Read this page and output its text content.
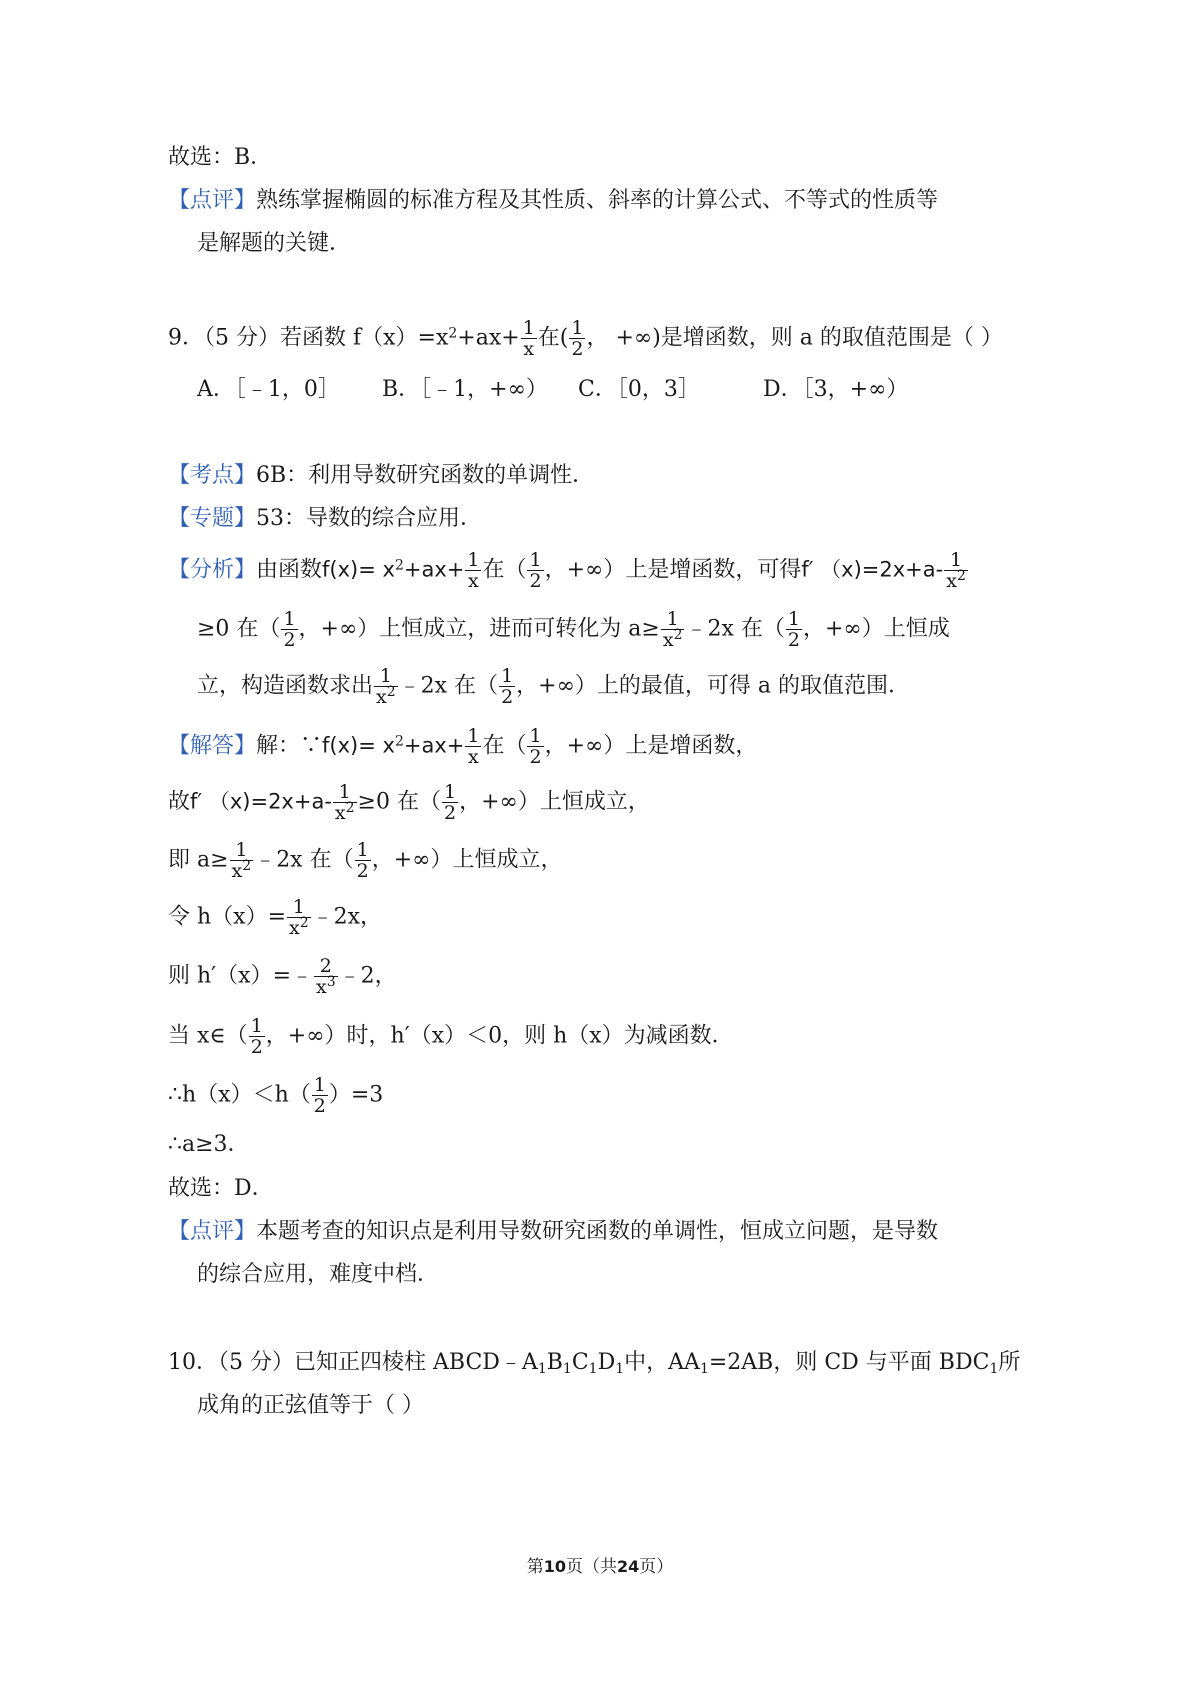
故选：B．
【点评】熟练掌握椭圆的标准方程及其性质、斜率的计算公式、不等式的性质等
是解题的关键．
9．（5 分）若函数 $f(x)=x^2+ax+ \frac{1}{x}$ 在( $\frac{1}{2}$ ， +∞)是增函数，则 a 的取值范围是（ ）
A．［﹣1，0］ B．［﹣1，+∞） C．［0，3］	D．［3，+∞）
【考点】6B：利用导数研究函数的单调性．
【专题】53：导数的综合应用．
【分析】由函数$f(x)= x^2+ax+ \frac{1}{x}$ 在（ $\frac{1}{2}$ ，+∞）上是增函数，可得f′ $(x)=2x+a- \frac{1}{x^2}$
≥0 在（ $\frac{1}{2}$ ，+∞）上恒成立，进而可转化为 $a\ge \frac{1}{x^2}$ ﹣2x 在（ $\frac{1}{2}$ ，+∞）上恒成
立，构造函数求出 $\frac{1}{x^2}$ ﹣2x 在（ $\frac{1}{2}$ ，+∞）上的最值，可得 a 的取值范围．
【解答】解：∵f(x)= $x^2+ax+ \frac{1}{x}$ 在（ $\frac{1}{2}$ ，+∞）上是增函数，
故f′ $(x)=2x+a- \frac{1}{x^2} \ge 0$ 在（ $\frac{1}{2}$ ，+∞）上恒成立，
即 $a\ge \frac{1}{x^2}$ ﹣2x 在（ $\frac{1}{2}$ ，+∞）上恒成立，
令 $h(x)= \frac{1}{x^2}$ ﹣2x，
则 h′（x）=﹣ $\frac{2}{x^3}$ ﹣2，
当 x∈（ $\frac{1}{2}$ ，+∞）时，h′（x）＜0，则 h（x）为减函数．
∴h（x）＜h（ $\frac{1}{2} )=3$
∴a≥3．
故选：D．
【点评】本题考查的知识点是利用导数研究函数的单调性，恒成立问题，是导数
的综合应用，难度中档．
10．（5 分）已知正四棱柱 $ABCD﹣A_1B_1C_1D_1$中，$AA_1=2AB$，则 CD 与平面 $BDC_1$所
成角的正弦值等于（ ）
第10页（共24页）
